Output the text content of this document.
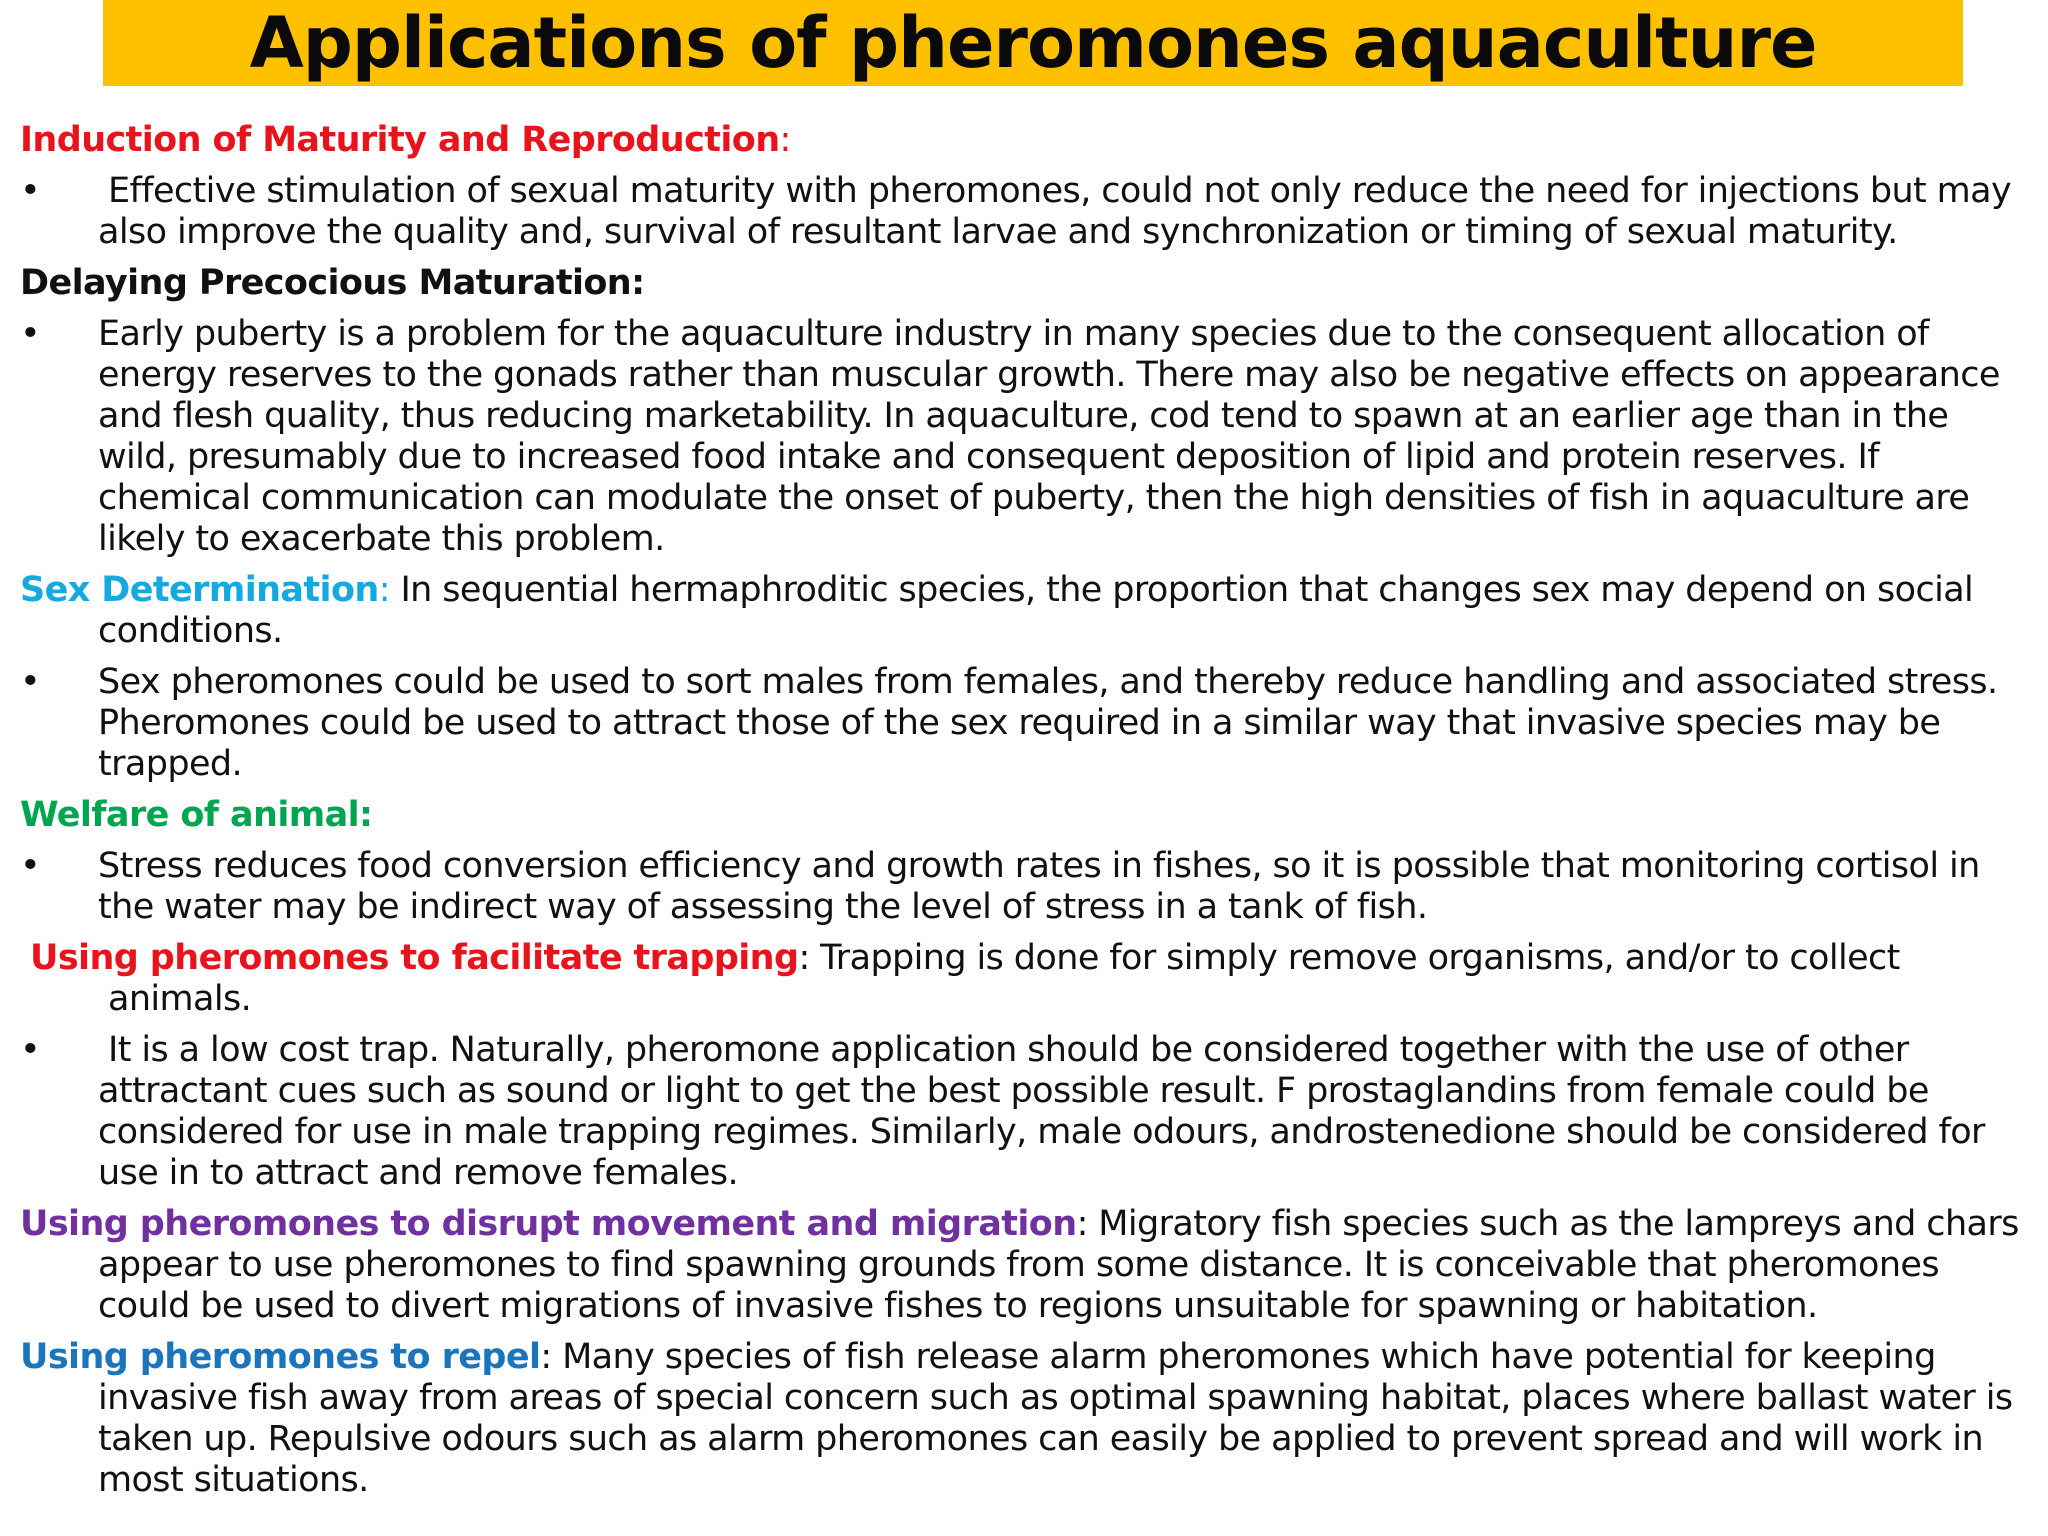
Applications of pheromones aquaculture

Induction of Maturity and Reproduction:

• Effective stimulation of sexual maturity with pheromones, could not only reduce the need for injections but may also improve the quality and, survival of resultant larvae and synchronization or timing of sexual maturity.

Delaying Precocious Maturation:

• Early puberty is a problem for the aquaculture industry in many species due to the consequent allocation of energy reserves to the gonads rather than muscular growth. There may also be negative effects on appearance and flesh quality, thus reducing marketability. In aquaculture, cod tend to spawn at an earlier age than in the wild, presumably due to increased food intake and consequent deposition of lipid and protein reserves. If chemical communication can modulate the onset of puberty, then the high densities of fish in aquaculture are likely to exacerbate this problem.

Sex Determination: In sequential hermaphroditic species, the proportion that changes sex may depend on social conditions.

• Sex pheromones could be used to sort males from females, and thereby reduce handling and associated stress. Pheromones could be used to attract those of the sex required in a similar way that invasive species may be trapped.

Welfare of animal:

• Stress reduces food conversion efficiency and growth rates in fishes, so it is possible that monitoring cortisol in the water may be indirect way of assessing the level of stress in a tank of fish.

Using pheromones to facilitate trapping: Trapping is done for simply remove organisms, and/or to collect animals.

• It is a low cost trap. Naturally, pheromone application should be considered together with the use of other attractant cues such as sound or light to get the best possible result. F prostaglandins from female could be considered for use in male trapping regimes. Similarly, male odours, androstenedione should be considered for use in to attract and remove females.

Using pheromones to disrupt movement and migration: Migratory fish species such as the lampreys and chars appear to use pheromones to find spawning grounds from some distance. It is conceivable that pheromones could be used to divert migrations of invasive fishes to regions unsuitable for spawning or habitation.

Using pheromones to repel: Many species of fish release alarm pheromones which have potential for keeping invasive fish away from areas of special concern such as optimal spawning habitat, places where ballast water is taken up. Repulsive odours such as alarm pheromones can easily be applied to prevent spread and will work in most situations.
